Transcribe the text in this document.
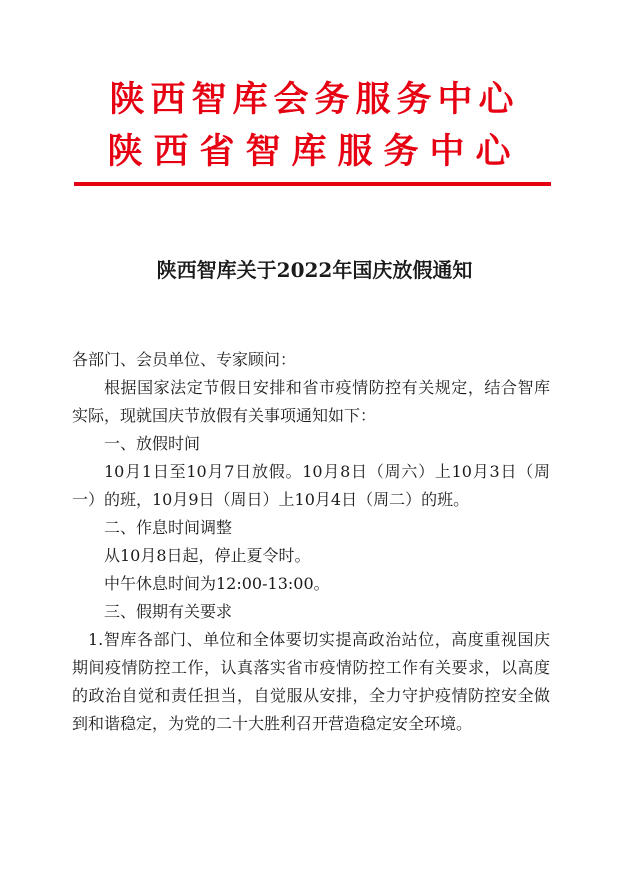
陕西智库会务服务中心
陕西省智库服务中心
陕西智库关于2022年国庆放假通知

各部门、会员单位、专家顾问：

根据国家法定节假日安排和省市疫情防控有关规定，结合智库实际，现就国庆节放假有关事项通知如下：

一、放假时间

10月1日至10月7日放假。10月8日（周六）上10月3日（周一）的班，10月9日（周日）上10月4日（周二）的班。

二、作息时间调整

从10月8日起，停止夏令时。

中午休息时间为12:00-13:00。

三、假期有关要求

1.智库各部门、单位和全体要切实提高政治站位，高度重视国庆期间疫情防控工作，认真落实省市疫情防控工作有关要求，以高度的政治自觉和责任担当，自觉服从安排，全力守护疫情防控安全做到和谐稳定，为党的二十大胜利召开营造稳定安全环境。
